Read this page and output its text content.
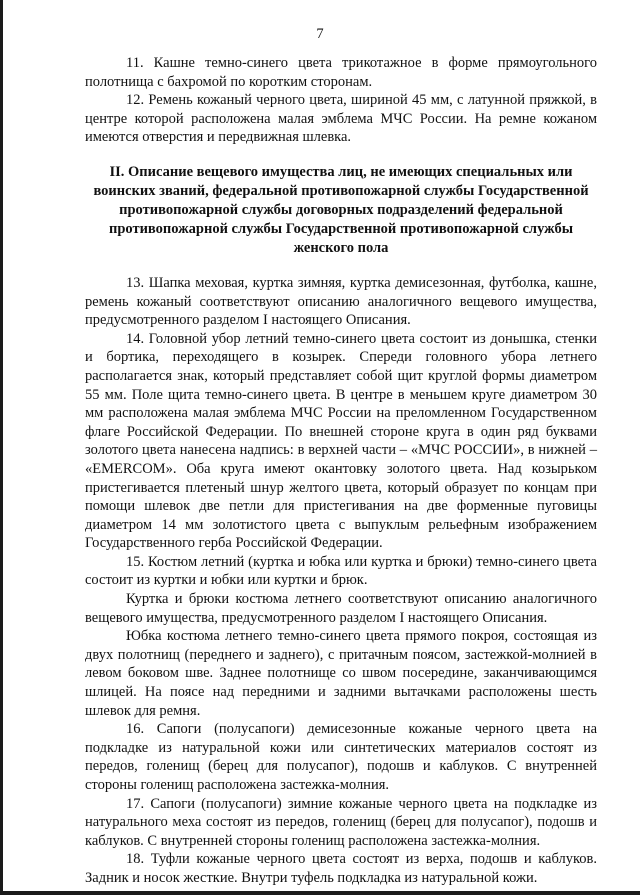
7

11. Кашне темно-синего цвета трикотажное в форме прямоугольного полотнища с бахромой по коротким сторонам.

12. Ремень кожаный черного цвета, шириной 45 мм, с латунной пряжкой, в центре которой расположена малая эмблема МЧС России. На ремне кожаном имеются отверстия и передвижная шлевка.

II. Описание вещевого имущества лиц, не имеющих специальных или воинских званий, федеральной противопожарной службы Государственной противопожарной службы договорных подразделений федеральной противопожарной службы Государственной противопожарной службы женского пола

13. Шапка меховая, куртка зимняя, куртка демисезонная, футболка, кашне, ремень кожаный соответствуют описанию аналогичного вещевого имущества, предусмотренного разделом I настоящего Описания.

14. Головной убор летний темно-синего цвета состоит из донышка, стенки и бортика, переходящего в козырек. Спереди головного убора летнего располагается знак, который представляет собой щит круглой формы диаметром 55 мм. Поле щита темно-синего цвета. В центре в меньшем круге диаметром 30 мм расположена малая эмблема МЧС России на преломленном Государственном флаге Российской Федерации. По внешней стороне круга в один ряд буквами золотого цвета нанесена надпись: в верхней части – «МЧС РОССИИ», в нижней – «EMERCOM». Оба круга имеют окантовку золотого цвета. Над козырьком пристегивается плетеный шнур желтого цвета, который образует по концам при помощи шлевок две петли для пристегивания на две форменные пуговицы диаметром 14 мм золотистого цвета с выпуклым рельефным изображением Государственного герба Российской Федерации.

15. Костюм летний (куртка и юбка или куртка и брюки) темно-синего цвета состоит из куртки и юбки или куртки и брюк.

Куртка и брюки костюма летнего соответствуют описанию аналогичного вещевого имущества, предусмотренного разделом I настоящего Описания.

Юбка костюма летнего темно-синего цвета прямого покроя, состоящая из двух полотнищ (переднего и заднего), с притачным поясом, застежкой-молнией в левом боковом шве. Заднее полотнище со швом посередине, заканчивающимся шлицей. На поясе над передними и задними вытачками расположены шесть шлевок для ремня.

16. Сапоги (полусапоги) демисезонные кожаные черного цвета на подкладке из натуральной кожи или синтетических материалов состоят из передов, голенищ (берец для полусапог), подошв и каблуков. С внутренней стороны голенищ расположена застежка-молния.

17. Сапоги (полусапоги) зимние кожаные черного цвета на подкладке из натурального меха состоят из передов, голенищ (берец для полусапог), подошв и каблуков. С внутренней стороны голенищ расположена застежка-молния.

18. Туфли кожаные черного цвета состоят из верха, подошв и каблуков. Задник и носок жесткие. Внутри туфель подкладка из натуральной кожи.
